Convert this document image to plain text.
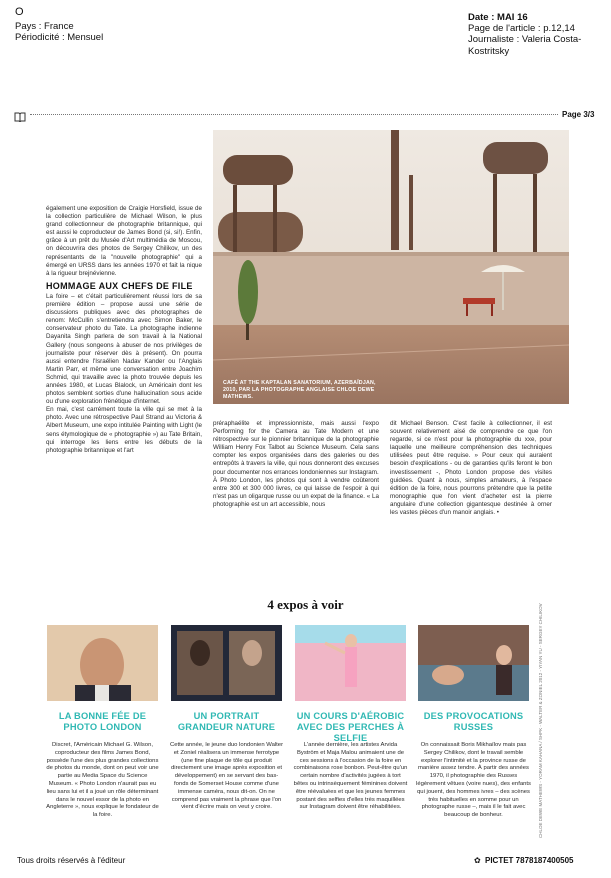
O
Pays : France
Périodicité : Mensuel
Date : MAI 16
Page de l'article : p.12,14
Journaliste : Valeria Costa-Kostritsky
Page 3/3
CAFÉ AT THE KAPTALAN SANATORIUM, AZERBAÏDJAN, 2010, PAR LA PHOTOGRAPHE ANGLAISE CHLOE DEWE MATHEWS.

également une exposition de Craigie Horsfield, issue de la collection particulière de Michael Wilson, le plus grand collectionneur de photographie britannique, qui est aussi le coproducteur de James Bond (si, si!). Enfin, grâce à un prêt du Musée d'Art multimédia de Moscou, on découvrira des photos de Sergey Chilikov, un des représentants de la "nouvelle photographie" qui a émergé en URSS dans les années 1970 et fait la nique à la rigueur brejnévienne.

HOMMAGE AUX CHEFS DE FILE

La foire – et c'était particulièrement réussi lors de sa première édition – propose aussi une série de discussions publiques avec des photographes de renom: McCullin s'entretiendra avec Simon Baker, le conservateur photo du Tate. La photographe indienne Dayanita Singh parlera de son travail à la National Gallery (nous songeons à abuser de nos privilèges de journaliste pour réserver dès à présent). On pourra aussi entendre l'Israélien Nadav Kander ou l'Anglais Martin Parr, et même une conversation entre Joachim Schmid, qui travaille avec la photo trouvée depuis les années 1980, et Lucas Blalock, un Américain dont les photos semblent sorties d'une hallucination sous acide ou d'une exploration frénétique d'internet.

En mai, c'est carrément toute la ville qui se met à la photo. Avec une rétrospective Paul Strand au Victoria & Albert Museum, une expo intitulée Painting with Light (le sens étymologique de « photographie ») au Tate Britain, qui interroge les liens entre les débuts de la photographie britannique et l'art

préraphaélite et impressionniste, mais aussi l'expo Performing for the Camera au Tate Modern et une rétrospective sur le pionnier britannique de la photographie William Henry Fox Talbot au Science Museum. Cela sans compter les expos organisées dans des galeries ou des entrepôts à travers la ville, qui nous donneront des excuses pour documenter nos errances londoniennes sur Instagram.

À Photo London, les photos qui sont à vendre coûteront entre 300 et 300 000 livres, ce qui laisse de l'espoir à qui n'est pas un oligarque russe ou un expat de la finance. « La photographie est un art accessible, nous

dit Michael Benson. C'est facile à collectionner, il est souvent relativement aisé de comprendre ce que l'on regarde, si ce n'est pour la photographie du xxe, pour laquelle une meilleure compréhension des techniques utilisées peut être requise. » Pour ceux qui auraient besoin d'explications - ou de garanties qu'ils feront le bon investissement -, Photo London propose des visites guidées. Quant à nous, simples amateurs, à l'espace édition de la foire, nous pourrons prétendre que la petite monographie que l'on vient d'acheter est la pierre angulaire d'une collection gigantesque destinée à orner les vastes pièces d'un manoir anglais. •

4 expos à voir
LA BONNE FÉE DE PHOTO LONDON
UN PORTRAIT GRANDEUR NATURE
UN COURS D'AÉROBIC AVEC DES PERCHES À SELFIE
DES PROVOCATIONS RUSSES
Discret, l'Américain Michael G. Wilson, coproducteur des films James Bond, possède l'une des plus grandes collections de photos du monde, dont on peut voir une partie au Media Space du Science Museum. « Photo London n'aurait pas eu lieu sans lui et il a joué un rôle déterminant dans le nouvel essor de la photo en Angleterre », nous explique le fondateur de la foire.
Cette année, le jeune duo londonien Walter et Zoniel réalisera un immense ferrotype (une fine plaque de tôle qui produit directement une image après exposition et développement) en se servant des bas-fonds de Somerset House comme d'une immense caméra, nous dit-on. On ne comprend pas vraiment la phrase que l'on vient d'écrire mais on veut y croire.
L'année dernière, les artistes Arvida Byström et Maja Malou animaient une de ces sessions à l'occasion de la foire en combinaisons rose bonbon. Peut-être qu'un certain nombre d'activités jugées à tort bêtes ou intrinsèquement féminines doivent être réévaluées et que les jeunes femmes postant des selfies d'elles très maquillées sur Instagram doivent être réhabilitées.
On connaissait Boris Mikhaïlov mais pas Sergey Chilikov, dont le travail semble explorer l'intimité et la province russe de manière assez tendre. À partir des années 1970, il photographie des Russes légèrement vêtues (voire nues), des enfants qui jouent, des hommes ivres – des scènes très habituelles en somme pour un photographe russe –, mais il le fait avec beaucoup de bonheur.	CHLOE DEWE MATHEWS - YORAM KAHANA / SHPK - WALTER & ZONIEL 2012 - YIYAN YU - SERGEY CHILIKOV
Tous droits réservés à l'éditeur	✿ PICTET 7878187400505
